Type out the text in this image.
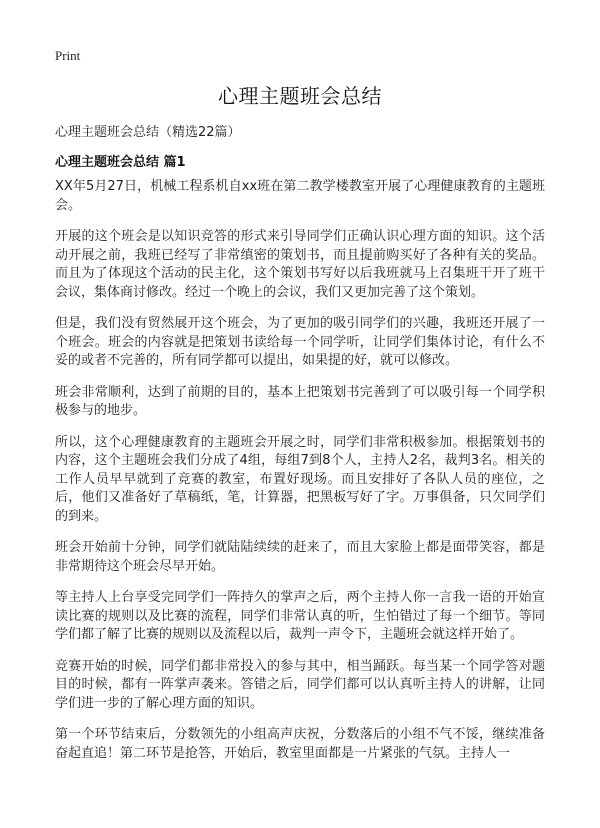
Print
心理主题班会总结

心理主题班会总结（精选22篇）

心理主题班会总结 篇1

XX年5月27日，机械工程系机自xx班在第二教学楼教室开展了心理健康教育的主题班会。

开展的这个班会是以知识竞答的形式来引导同学们正确认识心理方面的知识。这个活动开展之前，我班已经写了非常缜密的策划书，而且提前购买好了各种有关的奖品。而且为了体现这个活动的民主化，这个策划书写好以后我班就马上召集班干开了班干会议，集体商讨修改。经过一个晚上的会议，我们又更加完善了这个策划。

但是，我们没有贸然展开这个班会，为了更加的吸引同学们的兴趣，我班还开展了一个班会。班会的内容就是把策划书读给每一个同学听，让同学们集体讨论，有什么不妥的或者不完善的，所有同学都可以提出，如果提的好，就可以修改。

班会非常顺利，达到了前期的目的，基本上把策划书完善到了可以吸引每一个同学积极参与的地步。

所以，这个心理健康教育的主题班会开展之时，同学们非常积极参加。根据策划书的内容，这个主题班会我们分成了4组，每组7到8个人，主持人2名，裁判3名。相关的工作人员早早就到了竞赛的教室，布置好现场。而且安排好了各队人员的座位，之后，他们又准备好了草稿纸，笔，计算器，把黑板写好了字。万事俱备，只欠同学们的到来。

班会开始前十分钟，同学们就陆陆续续的赶来了，而且大家脸上都是面带笑容，都是非常期待这个班会尽早开始。

等主持人上台享受完同学们一阵持久的掌声之后，两个主持人你一言我一语的开始宣读比赛的规则以及比赛的流程，同学们非常认真的听，生怕错过了每一个细节。等同学们都了解了比赛的规则以及流程以后，裁判一声令下，主题班会就这样开始了。

竞赛开始的时候，同学们都非常投入的参与其中，相当踊跃。每当某一个同学答对题目的时候，都有一阵掌声袭来。答错之后，同学们都可以认真听主持人的讲解，让同学们进一步的了解心理方面的知识。

第一个环节结束后，分数领先的小组高声庆祝，分数落后的小组不气不馁，继续准备奋起直追！第二环节是抢答，开始后，教室里面都是一片紧张的气氛。主持人一
